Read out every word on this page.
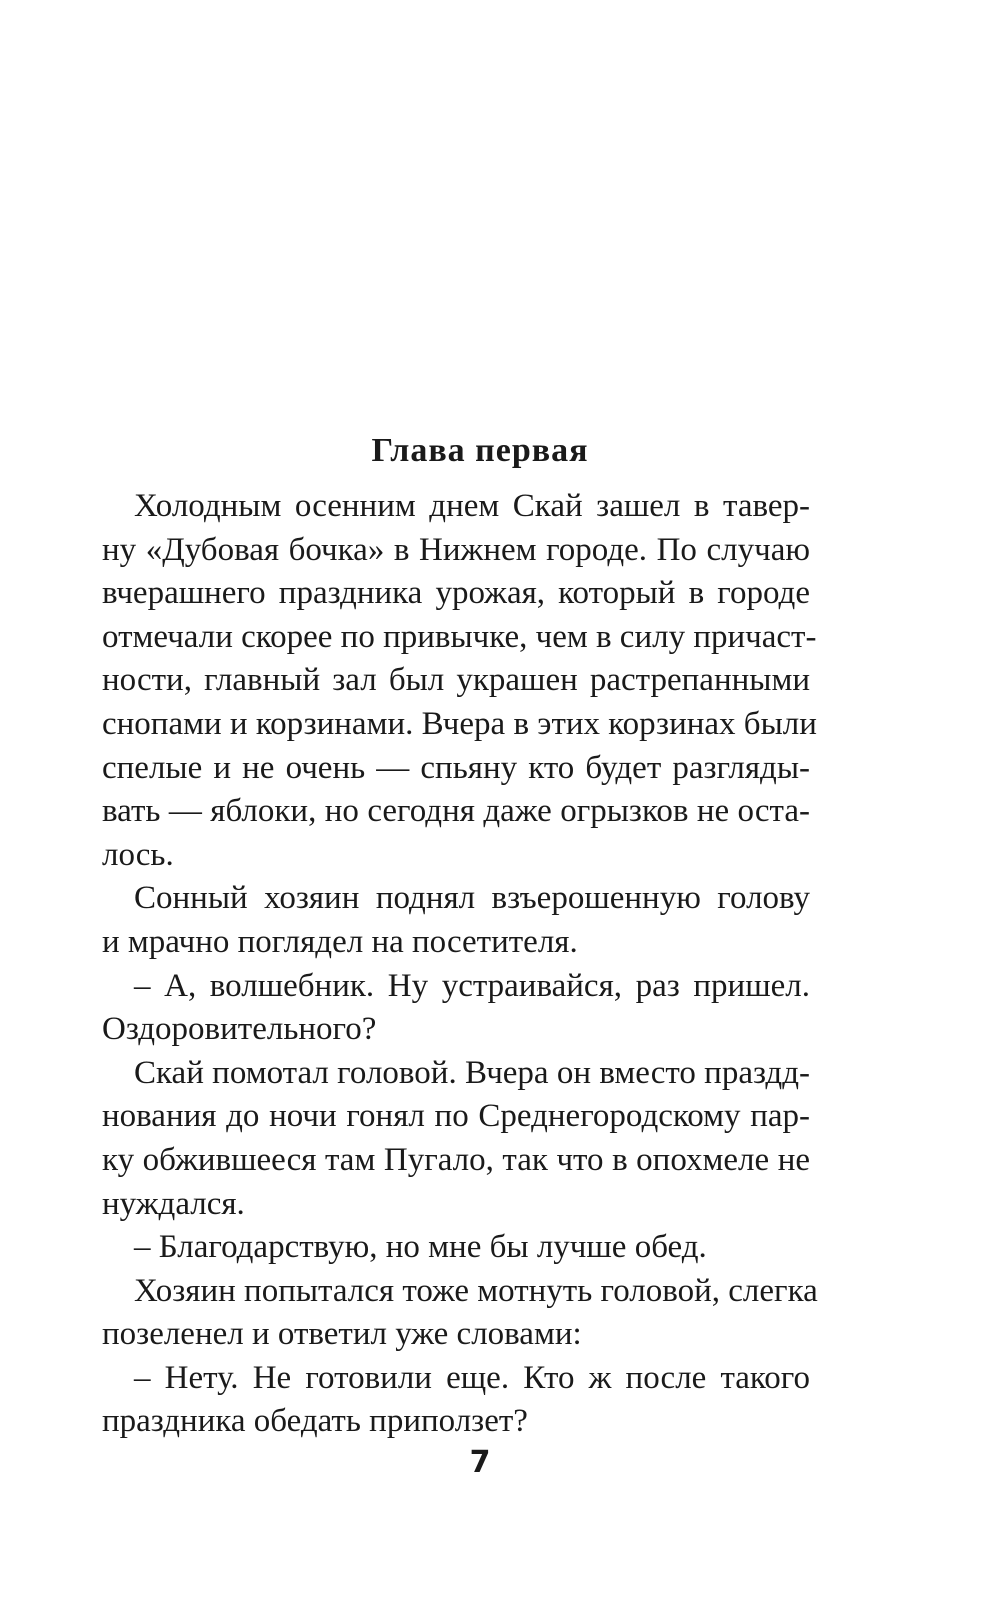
Глава первая
Холодным осенним днем Скай зашел в тавер-
ну «Дубовая бочка» в Нижнем городе. По случаю
вчерашнего праздника урожая, который в городе
отмечали скорее по привычке, чем в силу причаст-
ности, главный зал был украшен растрепанными
снопами и корзинами. Вчера в этих корзинах были
спелые и не очень — спьяну кто будет разгляды-
вать — яблоки, но сегодня даже огрызков не оста-
лось.
Сонный хозяин поднял взъерошенную голову
и мрачно поглядел на посетителя.
– А, волшебник. Ну устраивайся, раз пришел.
Оздоровительного?
Скай помотал головой. Вчера он вместо праздд-
нования до ночи гонял по Среднегородскому пар-
ку обжившееся там Пугало, так что в опохмеле не
нуждался.
– Благодарствую, но мне бы лучше обед.
Хозяин попытался тоже мотнуть головой, слегка
позеленел и ответил уже словами:
– Нету. Не готовили еще. Кто ж после такого
праздника обедать приползет?
7
